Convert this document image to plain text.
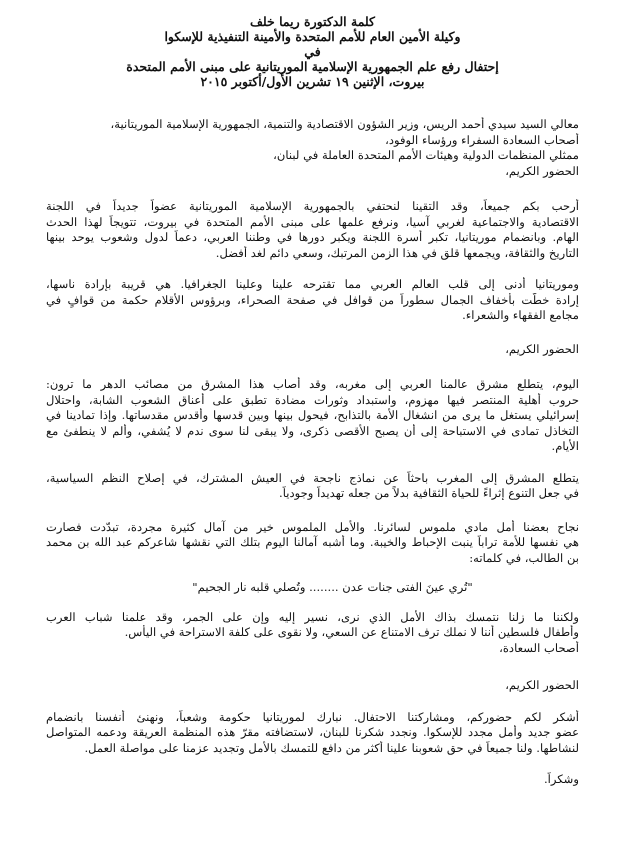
كلمة الدكتورة ريما خلف
وكيلة الأمين العام للأمم المتحدة والأمينة التنفيذية للإسكوا
في
إحتفال رفع علم الجمهورية الإسلامية الموريتانية على مبنى الأمم المتحدة
بيروت، الإثنين ١٩ تشرين الأول/أكتوبر ٢٠١٥
معالي السيد سيدي أحمد الريس، وزير الشؤون الاقتصادية والتنمية، الجمهورية الإسلامية الموريتانية،
أصحاب السعادة السفراء ورؤساء الوفود،
ممثلي المنظمات الدولية وهيئات الأمم المتحدة العاملة في لبنان،
الحضور الكريم،
أرحب بكم جميعاً، وقد التقينا لنحتفي بالجمهورية الإسلامية الموريتانية عضواً جديداً في اللجنة
الاقتصادية والاجتماعية لغربي آسيا، ونرفع علمها على مبنى الأمم المتحدة في بيروت، تتويجاً لهذا الحدث
الهام. وبانضمام موريتانيا، تكبر أسرة اللجنة ويكبر دورها في وطننا العربي، دعماً لدول وشعوب يوحد بينها
التاريخ والثقافة، ويجمعها قلق في هذا الزمن المرتبك، وسعي دائم لغد أفضل.
وموريتانيا أدنى إلى قلب العالم العربي مما تقترحه علينا وعلينا الجغرافيا. هي قريبة بإرادة ناسها،
إرادة خطّت بأخفاف الجمال سطوراً من قوافل في صفحة الصحراء، وبرؤوس الأقلام حكمة من قوافٍ في
مجامع الفقهاء والشعراء.
الحضور الكريم،
اليوم، يتطلع مشرق عالمنا العربي إلى مغربه، وقد أصاب هذا المشرق من مصائب الدهر ما ترون:
حروب أهلية المنتصر فيها مهزوم، واستبداد وثورات مضادة تطبق على أعناق الشعوب الشابة، واحتلال
إسرائيلي يستغل ما يرى من انشغال الأمة بالتذابح، فيحول بينها وبين قدسها وأقدس مقدساتها. وإذا تمادينا في
التخاذل تمادى في الاستباحة إلى أن يصبح الأقصى ذكرى، ولا يبقى لنا سوى ندم لا يُشفي، وألم لا ينطفئ مع
الأيام.
يتطلع المشرق إلى المغرب باحثاً عن نماذج ناجحة في العيش المشترك، في إصلاح النظم السياسية،
في جعل التنوع إثراءً للحياة الثقافية بدلاً من جعله تهديداً وجودياً.
نجاح بعضنا أمل مادي ملموس لسائرنا. والأمل الملموس خير من آمال كثيرة مجردة، تبدّدت فصارت
هي نفسها للأمة تراباً ينبت الإحباط والخيبة. وما أشبه آمالنا اليوم بتلك التي نقشها شاعركم عبد الله بن محمد
بن الطالب، في كلماته:
"تُري عينَ الفتى جنات عدن ........ وتُصلي قلبه نار الجحيم"
ولكننا ما زلنا نتمسك بذاك الأمل الذي نرى، نسير إليه وإن على الجمر، وقد علمنا شباب العرب
وأطفال فلسطين أننا لا نملك ترف الامتناع عن السعي، ولا نقوى على كلفة الاستراحة في اليأس.
أصحاب السعادة،
الحضور الكريم،
أشكر لكم حضوركم، ومشاركتنا الاحتفال. نبارك لموريتانيا حكومة وشعباً، ونهنئ أنفسنا بانضمام
عضو جديد وأمل مجدد للإسكوا. ونجدد شكرنا للبنان، لاستضافته مقرّ هذه المنظمة العريقة ودعمه المتواصل
لنشاطها. ولنا جميعاً في حق شعوبنا علينا أكثر من دافع للتمسك بالأمل وتجديد عزمنا على مواصلة العمل.
وشكراً.
